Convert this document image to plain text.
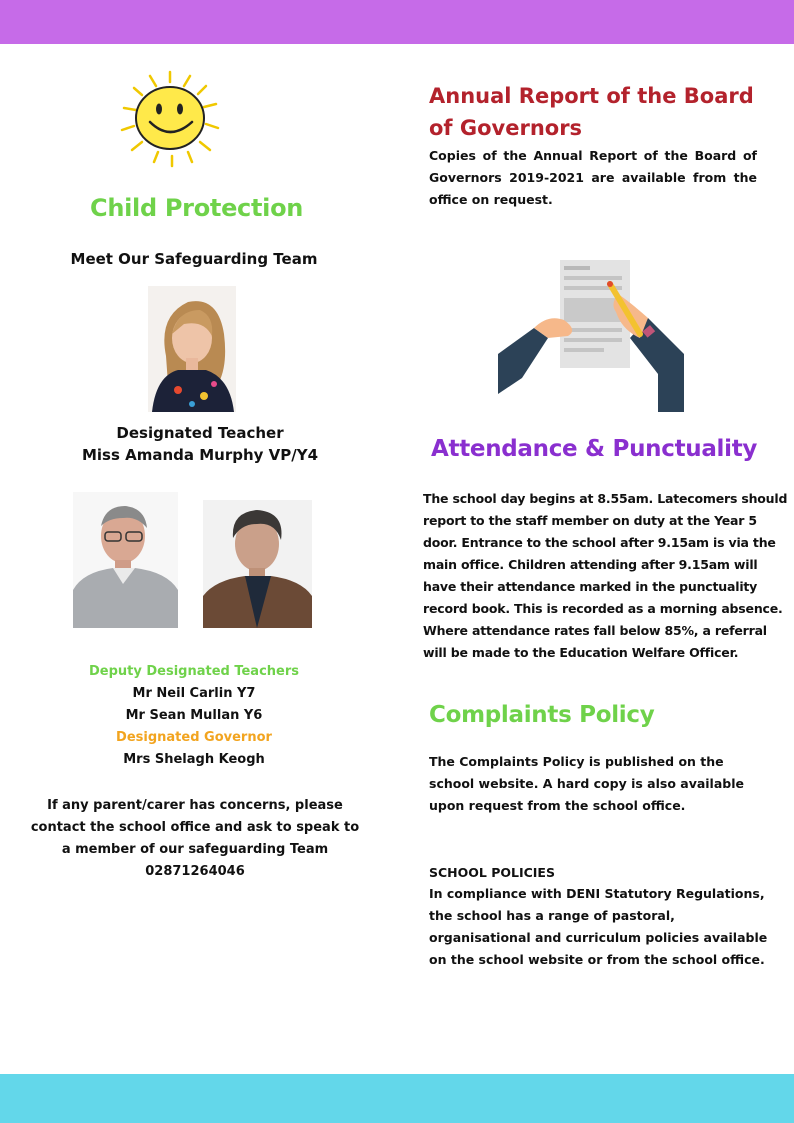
Child Protection
Meet Our Safeguarding Team
Designated Teacher
Miss Amanda Murphy VP/Y4
Deputy Designated Teachers
Mr Neil Carlin Y7
Mr Sean Mullan Y6
Designated Governor
Mrs Shelagh Keogh
If any parent/carer has concerns, please contact the school office and ask to speak to a member of our safeguarding Team 02871264046
Annual Report of the Board of Governors

Copies of the Annual Report of the Board of Governors 2019-2021 are available from the office on request.

Attendance & Punctuality

The school day begins at 8.55am. Latecomers should report to the staff member on duty at the Year 5 door. Entrance to the school after 9.15am is via the main office. Children attending after 9.15am will have their attendance marked in the punctuality record book. This is recorded as a morning absence. Where attendance rates fall below 85%, a referral will be made to the Education Welfare Officer.

Complaints Policy

The Complaints Policy is published on the school website. A hard copy is also available upon request from the school office.

SCHOOL POLICIES

In compliance with DENI Statutory Regulations, the school has a range of pastoral, organisational and curriculum policies available on the school website or from the school office.
